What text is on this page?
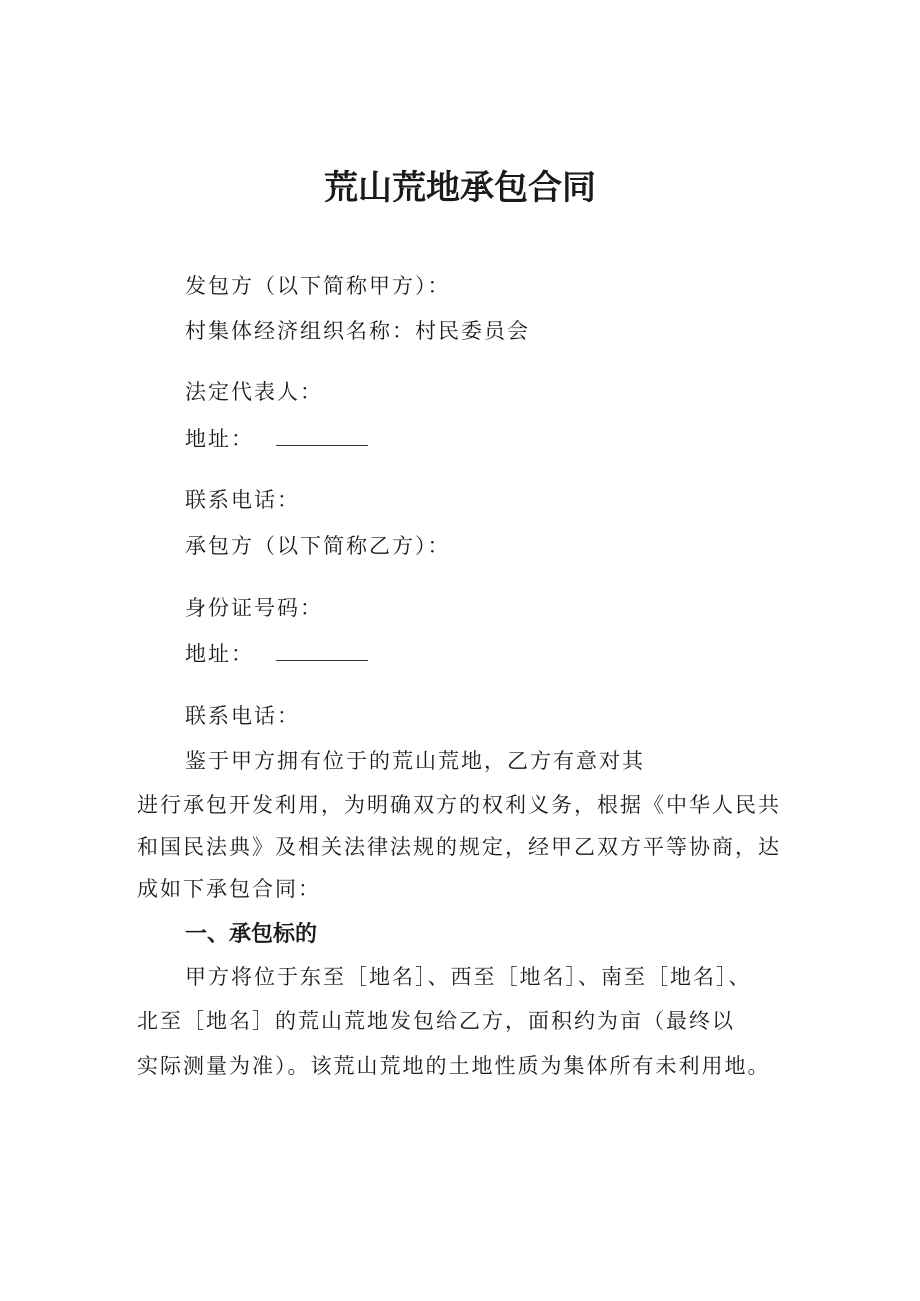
荒山荒地承包合同
发包方（以下简称甲方）：
村集体经济组织名称：村民委员会
法定代表人：
地址：
联系电话：
承包方（以下简称乙方）：
身份证号码：
地址：
联系电话：
鉴于甲方拥有位于的荒山荒地，乙方有意对其
进行承包开发利用，为明确双方的权利义务，根据《中华人民共
和国民法典》及相关法律法规的规定，经甲乙双方平等协商，达
成如下承包合同：
一、承包标的
甲方将位于东至［地名］、西至［地名］、南至［地名］、
北至［地名］的荒山荒地发包给乙方，面积约为亩（最终以
实际测量为准）。该荒山荒地的土地性质为集体所有未利用地。
